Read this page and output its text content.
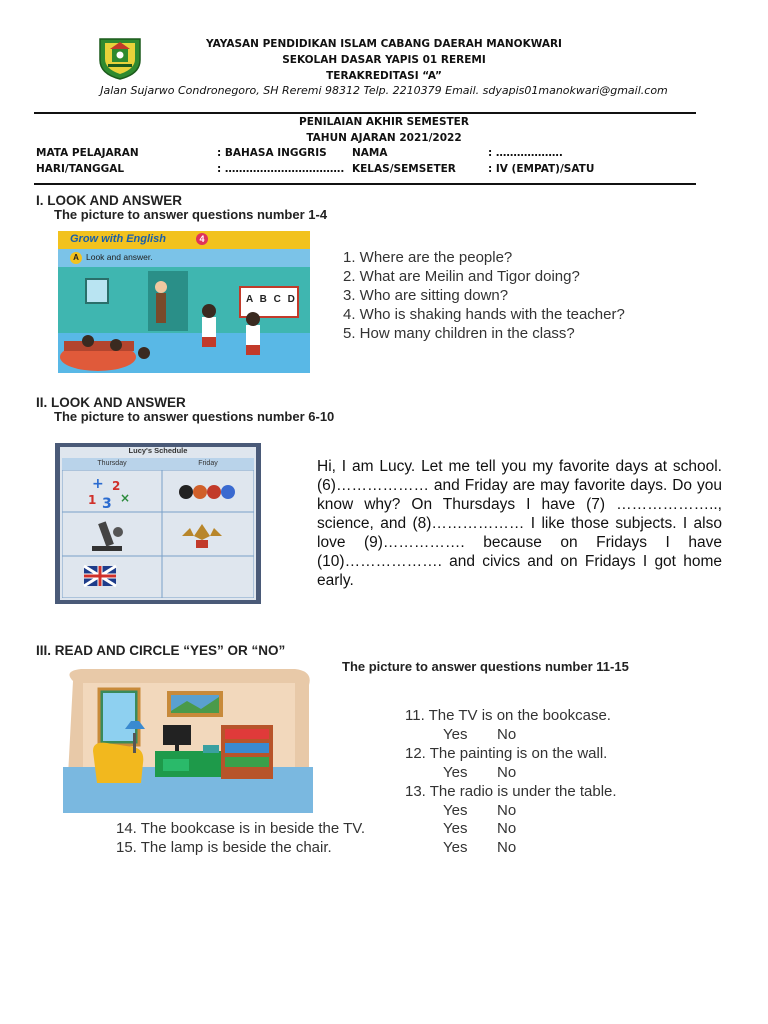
YAYASAN PENDIDIKAN ISLAM CABANG DAERAH MANOKWARI
SEKOLAH DASAR YAPIS 01 REREMI
TERAKREDITASI “A”
Jalan Sujarwo Condronegoro, SH Reremi 98312 Telp. 2210379 Email. sdyapis01manokwari@gmail.com
PENILAIAN AKHIR SEMESTER
TAHUN AJARAN 2021/2022
MATA PELAJARAN	: BAHASA INGGRIS NAMA	: ……………….
HARI/TANGGAL	: ……………………………. KELAS/SEMSETER	: IV (EMPAT)/SATU
I. LOOK AND ANSWER
The picture to answer questions number 1-4
Grow with English	4
A Look and answer.
A B C D
1. Where are the people?
2. What are Meilin and Tigor doing?
3. Who are sitting down?
4. Who is shaking hands with the teacher?
5. How many children in the class?
II. LOOK AND ANSWER
The picture to answer questions number 6-10
Lucy's Schedule
Thursday	Friday
+ 2
1 3 ×
Hi, I am Lucy. Let me tell you my favorite days at school. (6)……………… and Friday are may favorite days. Do you know why? On Thursdays I have (7) ……………….., science, and (8)……………… I like those subjects. I also love (9)……………. because on Fridays I have (10)………………. and civics and on Fridays I got home early.
III. READ AND CIRCLE “YES” OR “NO”
The picture to answer questions number 11-15
11. The TV is on the bookcase.
Yes No
12. The painting is on the wall.
Yes No
13. The radio is under the table.
Yes No
14. The bookcase is in beside the TV.	Yes No
15. The lamp is beside the chair.	Yes No
